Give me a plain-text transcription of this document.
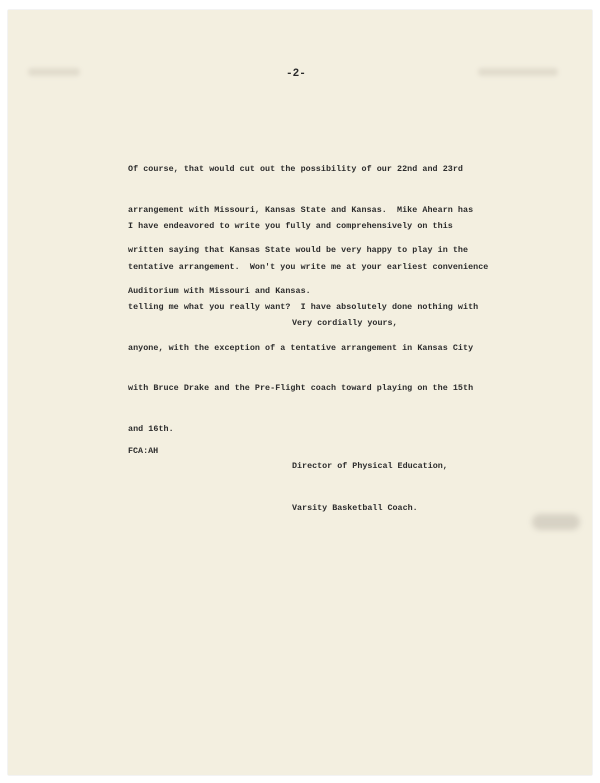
-2-

Of course, that would cut out the possibility of our 22nd and 23rd

arrangement with Missouri, Kansas State and Kansas.  Mike Ahearn has

written saying that Kansas State would be very happy to play in the

Auditorium with Missouri and Kansas.

I have endeavored to write you fully and comprehensively on this

tentative arrangement.  Won't you write me at your earliest convenience

telling me what you really want?  I have absolutely done nothing with

anyone, with the exception of a tentative arrangement in Kansas City

with Bruce Drake and the Pre-Flight coach toward playing on the 15th

and 16th.

Very cordially yours,

Director of Physical Education,

Varsity Basketball Coach.

FCA:AH
